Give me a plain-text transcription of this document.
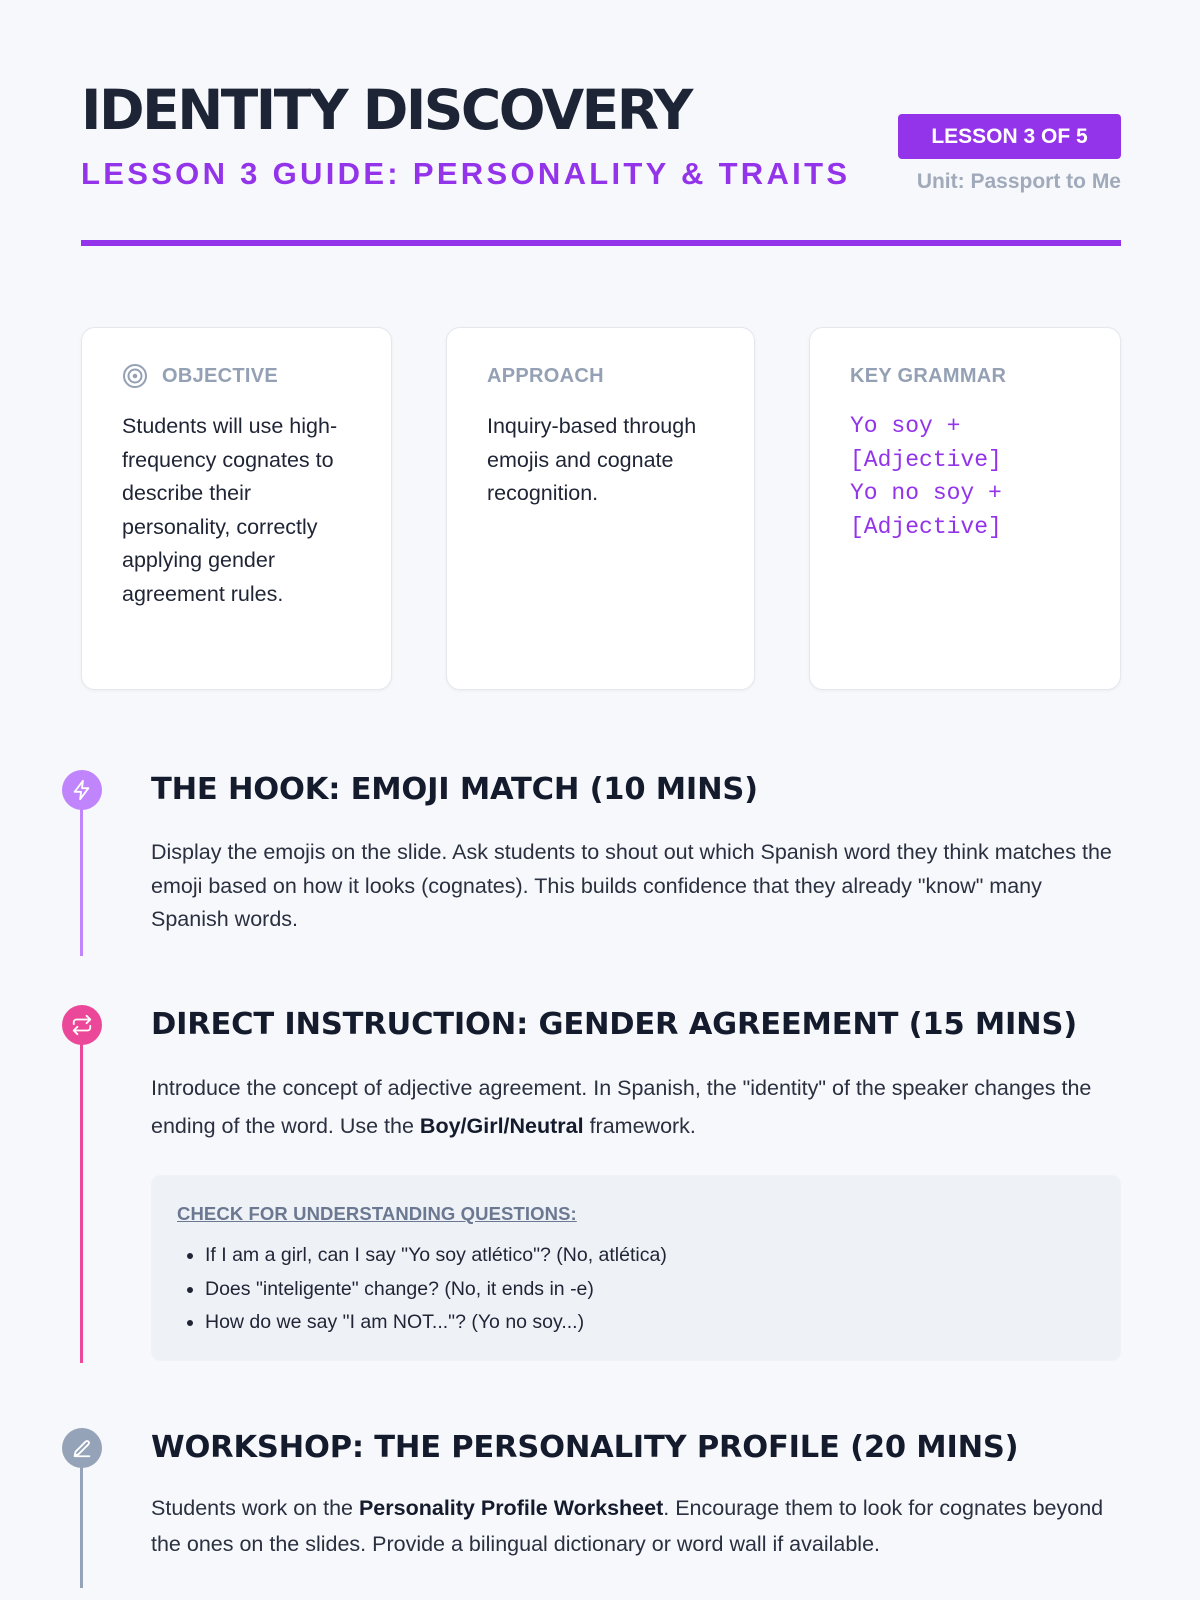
IDENTITY DISCOVERY
LESSON 3 GUIDE: PERSONALITY & TRAITS
LESSON 3 OF 5
Unit: Passport to Me
OBJECTIVE

Students will use high-frequency cognates to describe their personality, correctly applying gender agreement rules.

APPROACH

Inquiry-based through emojis and cognate recognition.

KEY GRAMMAR
Yo soy +
[Adjective]
Yo no soy +
[Adjective]
THE HOOK: EMOJI MATCH (10 MINS)

Display the emojis on the slide. Ask students to shout out which Spanish word they think matches the emoji based on how it looks (cognates). This builds confidence that they already "know" many Spanish words.

DIRECT INSTRUCTION: GENDER AGREEMENT (15 MINS)

Introduce the concept of adjective agreement. In Spanish, the "identity" of the speaker changes the ending of the word. Use the Boy/Girl/Neutral framework.

CHECK FOR UNDERSTANDING QUESTIONS:

• If I am a girl, can I say "Yo soy atlético"? (No, atlética)
• Does "inteligente" change? (No, it ends in -e)
• How do we say "I am NOT..."? (Yo no soy...)
WORKSHOP: THE PERSONALITY PROFILE (20 MINS)

Students work on the Personality Profile Worksheet. Encourage them to look for cognates beyond the ones on the slides. Provide a bilingual dictionary or word wall if available.
